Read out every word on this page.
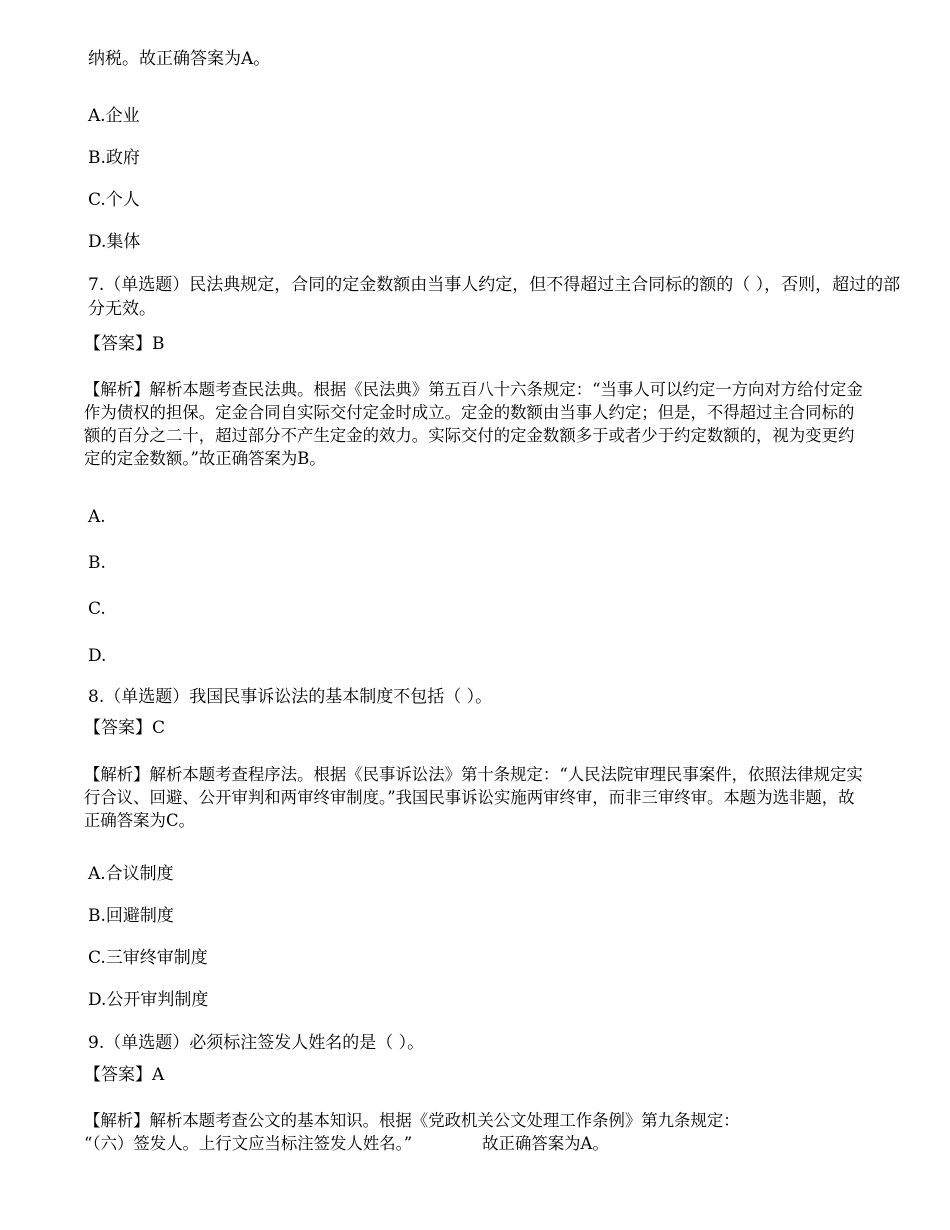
纳税。故正确答案为A。
A.企业
B.政府
C.个人
D.集体
7.（单选题）民法典规定，合同的定金数额由当事人约定，但不得超过主合同标的额的（ ），否则，超过的部分无效。
【答案】B
【解析】解析本题考查民法典。根据《民法典》第五百八十六条规定：“当事人可以约定一方向对方给付定金作为债权的担保。定金合同自实际交付定金时成立。定金的数额由当事人约定；但是，不得超过主合同标的额的百分之二十，超过部分不产生定金的效力。实际交付的定金数额多于或者少于约定数额的，视为变更约定的定金数额。”故正确答案为B。
A.
B.
C.
D.
8.（单选题）我国民事诉讼法的基本制度不包括（ ）。
【答案】C
【解析】解析本题考查程序法。根据《民事诉讼法》第十条规定：“人民法院审理民事案件，依照法律规定实行合议、回避、公开审判和两审终审制度。”我国民事诉讼实施两审终审，而非三审终审。本题为选非题，故正确答案为C。
A.合议制度
B.回避制度
C.三审终审制度
D.公开审判制度
9.（单选题）必须标注签发人姓名的是（ ）。
【答案】A
【解析】解析本题考查公文的基本知识。根据《党政机关公文处理工作条例》第九条规定：
“（六）签发人。上行文应当标注签发人姓名。”	故正确答案为A。
